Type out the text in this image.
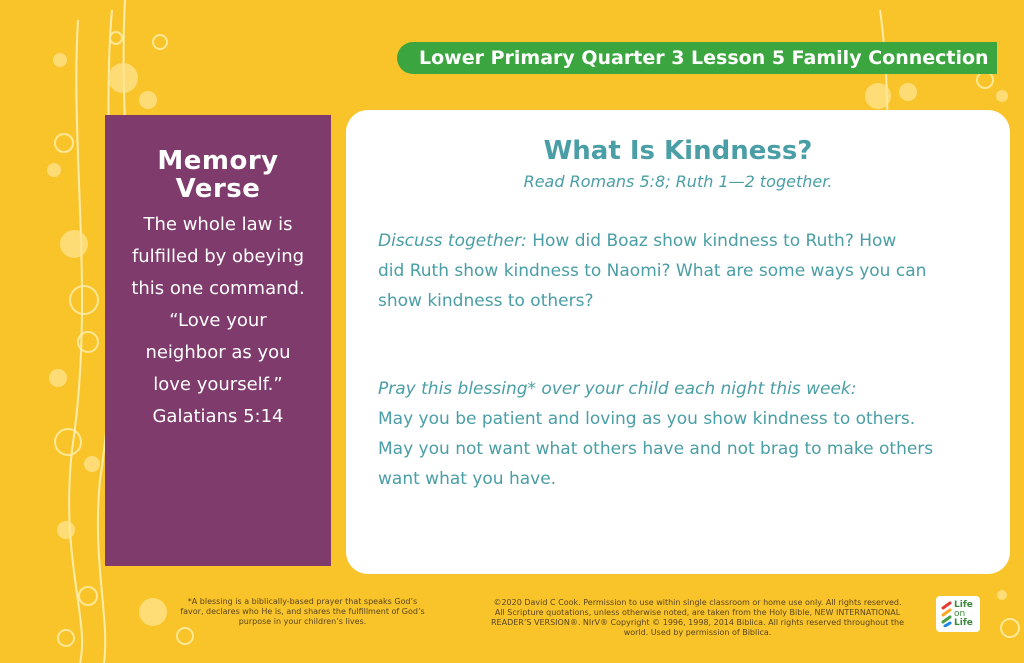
Lower Primary Quarter 3 Lesson 5 Family Connection
Memory
Verse
The whole law is
fulfilled by obeying
this one command.
“Love your
neighbor as you
love yourself.”
Galatians 5:14
What Is Kindness?
Read Romans 5:8; Ruth 1—2 together.
Discuss together: How did Boaz show kindness to Ruth? How
did Ruth show kindness to Naomi? What are some ways you can
show kindness to others?
Pray this blessing* over your child each night this week:
May you be patient and loving as you show kindness to others.
May you not want what others have and not brag to make others
want what you have.
*A blessing is a biblically-based prayer that speaks God’s favor, declares who He is, and shares the fulfillment of God’s purpose in your children’s lives.
©2020 David C Cook. Permission to use within single classroom or home use only. All rights reserved.
All Scripture quotations, unless otherwise noted, are taken from the Holy Bible, NEW INTERNATIONAL
READER’S VERSION®. NIrV® Copyright © 1996, 1998, 2014 Biblica. All rights reserved throughout the
world. Used by permission of Biblica.
Life
on
Life
